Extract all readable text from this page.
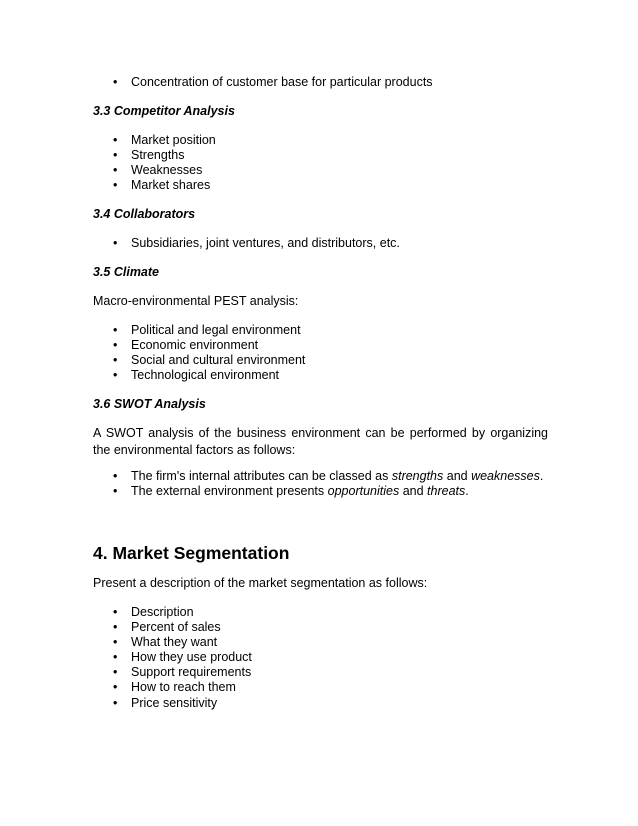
• Concentration of customer base for particular products

3.3 Competitor Analysis

• Market position
• Strengths
• Weaknesses
• Market shares

3.4 Collaborators

• Subsidiaries, joint ventures, and distributors, etc.

3.5 Climate

Macro-environmental PEST analysis:

• Political and legal environment
• Economic environment
• Social and cultural environment
• Technological environment

3.6 SWOT Analysis

A SWOT analysis of the business environment can be performed by organizing the environmental factors as follows:

• The firm's internal attributes can be classed as strengths and weaknesses.
• The external environment presents opportunities and threats.

4. Market Segmentation

Present a description of the market segmentation as follows:

• Description
• Percent of sales
• What they want
• How they use product
• Support requirements
• How to reach them
• Price sensitivity
